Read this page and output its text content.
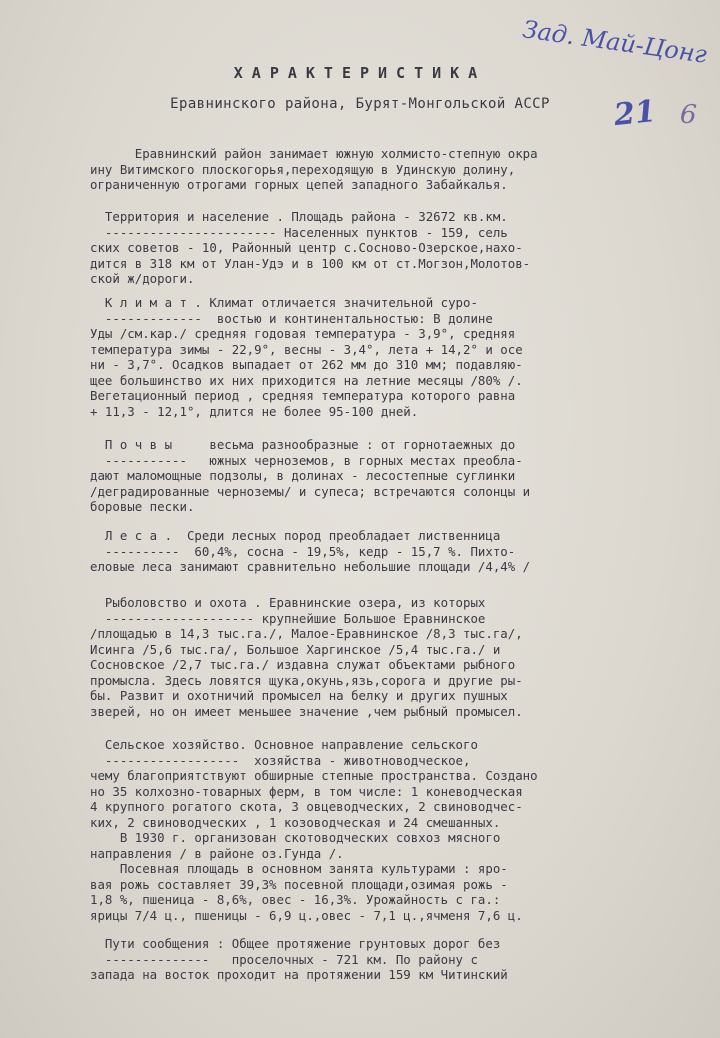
Зад. Май-Цонг
21 6
ХАРАКТЕРИСТИКА
Еравнинского района, Бурят-Монгольской АССР
Еравнинский район занимает южную холмисто-степную окра
ину Витимского плоскогорья,переходящую в Удинскую долину,
ограниченную отрогами горных цепей западного Забайкалья.
Территория и население . Площадь района - 32672 кв.км.
----------------------- Населенных пунктов - 159, сель
ских советов - 10, Районный центр с.Сосново-Озерское,нахо-
дится в 318 км от Улан-Удэ и в 100 км от ст.Могзон,Молотов-
ской ж/дороги.
К л и м а т . Климат отличается значительной суро-
-------------  востью и континентальностью: В долине
Уды /см.кар./ средняя годовая температура - 3,9°, средняя
температура зимы - 22,9°, весны - 3,4°, лета + 14,2° и осе
ни - 3,7°. Осадков выпадает от 262 мм до 310 мм; подавляю-
щее большинство их них приходится на летние месяцы /80% /.
Вегетационный период , средняя температура которого равна
+ 11,3 - 12,1°, длится не более 95-100 дней.
П о ч в ы     весьма разнообразные : от горнотаежных до
-----------   южных черноземов, в горных местах преобла-
дают маломощные подзолы, в долинах - лесостепные суглинки
/деградированные черноземы/ и супеса; встречаются солонцы и
боровые пески.
Л е с а .  Среди лесных пород преобладает лиственница
----------  60,4%, сосна - 19,5%, кедр - 15,7 %. Пихто-
еловые леса занимают сравнительно небольшие площади /4,4% /
Рыболовство и охота . Еравнинские озера, из которых
-------------------- крупнейшие Большое Еравнинское
/площадью в 14,3 тыс.га./, Малое-Еравнинское /8,3 тыс.га/,
Исинга /5,6 тыс.га/, Большое Харгинское /5,4 тыс.га./ и
Сосновское /2,7 тыс.га./ издавна служат объектами рыбного
промысла. Здесь ловятся щука,окунь,язь,сорога и другие ры-
бы. Развит и охотничий промысел на белку и других пушных
зверей, но он имеет меньшее значение ,чем рыбный промысел.
Сельское хозяйство. Основное направление сельского
------------------  хозяйства - животноводческое,
чему благоприятствуют обширные степные пространства. Создано
но 35 колхозно-товарных ферм, в том числе: 1 коневодческая
4 крупного рогатого скота, 3 овцеводческих, 2 свиноводчес-
ких, 2 свиноводческих , 1 козоводческая и 24 смешанных.
В 1930 г. организован скотоводческих совхоз мясного
направления / в районе оз.Гунда /.
Посевная площадь в основном занята культурами : яро-
вая рожь составляет 39,3% посевной площади,озимая рожь -
1,8 %, пшеница - 8,6%, овес - 16,3%. Урожайность с га.:
ярицы 7/4 ц., пшеницы - 6,9 ц.,овес - 7,1 ц.,ячменя 7,6 ц.
Пути сообщения : Общее протяжение грунтовых дорог без
--------------   проселочных - 721 км. По району с
запада на восток проходит на протяжении 159 км Читинский
